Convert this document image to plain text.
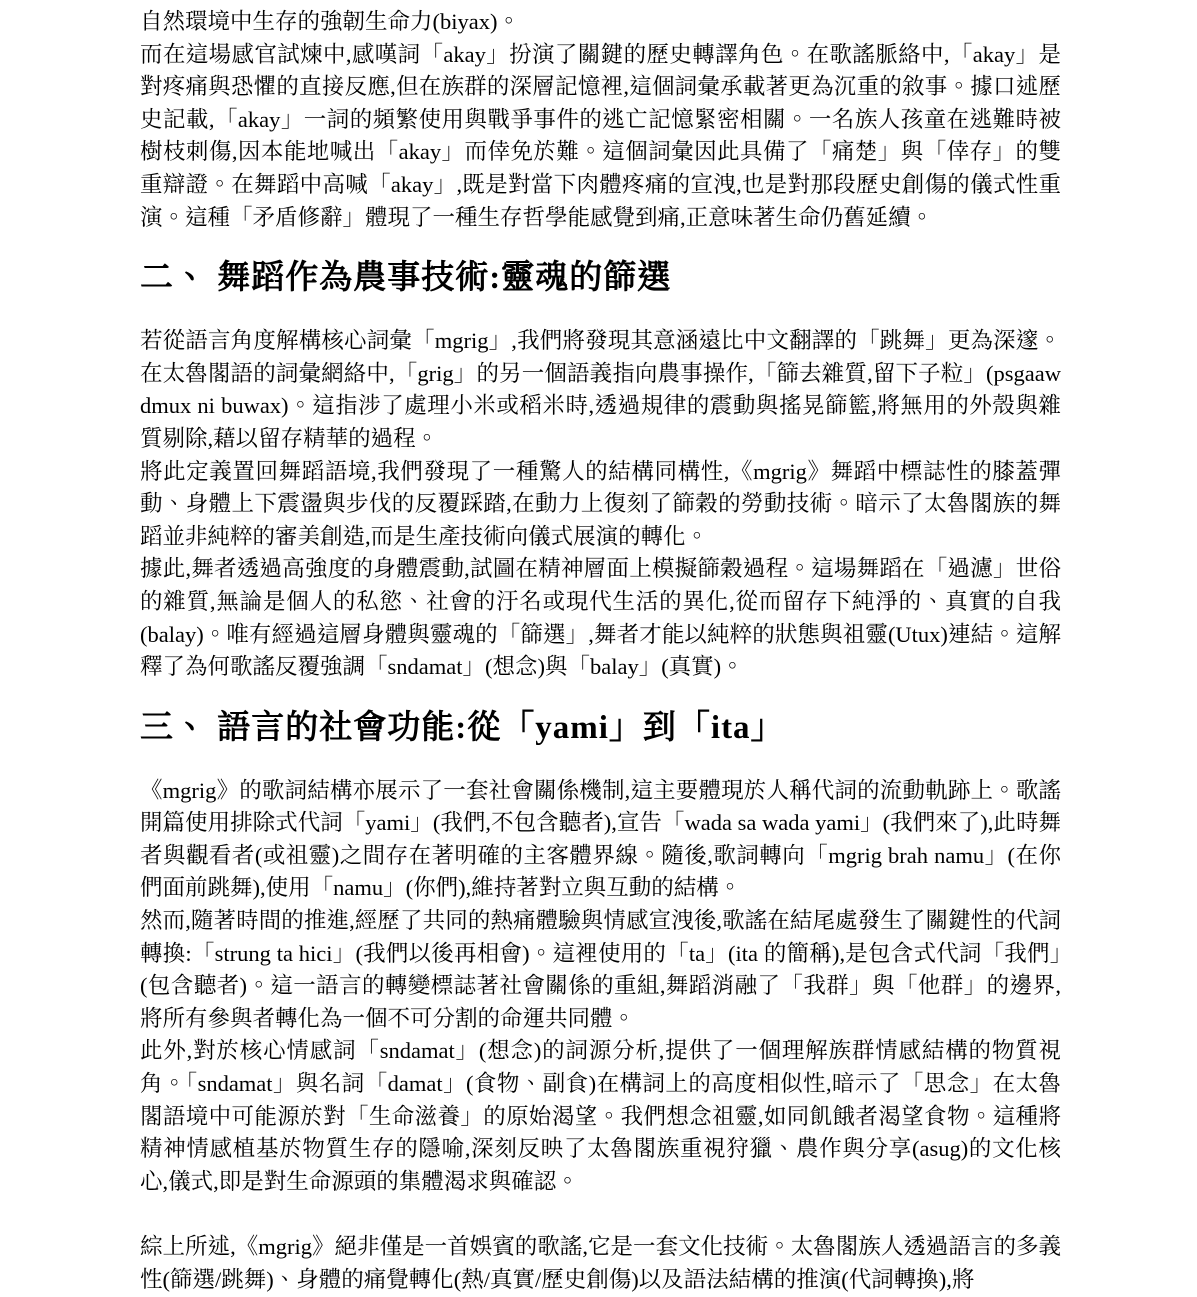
自然環境中生存的強韌生命力(biyax)。

而在這場感官試煉中,感嘆詞「akay」扮演了關鍵的歷史轉譯角色。在歌謠脈絡中,「akay」是對疼痛與恐懼的直接反應,但在族群的深層記憶裡,這個詞彙承載著更為沉重的敘事。據口述歷史記載,「akay」一詞的頻繁使用與戰爭事件的逃亡記憶緊密相關。一名族人孩童在逃難時被樹枝刺傷,因本能地喊出「akay」而倖免於難。這個詞彙因此具備了「痛楚」與「倖存」的雙重辯證。在舞蹈中高喊「akay」,既是對當下肉體疼痛的宣洩,也是對那段歷史創傷的儀式性重演。這種「矛盾修辭」體現了一種生存哲學能感覺到痛,正意味著生命仍舊延續。

二、 舞蹈作為農事技術:靈魂的篩選

若從語言角度解構核心詞彙「mgrig」,我們將發現其意涵遠比中文翻譯的「跳舞」更為深邃。在太魯閣語的詞彙網絡中,「grig」的另一個語義指向農事操作,「篩去雜質,留下子粒」(psgaaw dmux ni buwax)。這指涉了處理小米或稻米時,透過規律的震動與搖晃篩籃,將無用的外殼與雜質剔除,藉以留存精華的過程。

將此定義置回舞蹈語境,我們發現了一種驚人的結構同構性,《mgrig》舞蹈中標誌性的膝蓋彈動、身體上下震盪與步伐的反覆踩踏,在動力上復刻了篩穀的勞動技術。暗示了太魯閣族的舞蹈並非純粹的審美創造,而是生產技術向儀式展演的轉化。

據此,舞者透過高強度的身體震動,試圖在精神層面上模擬篩穀過程。這場舞蹈在「過濾」世俗的雜質,無論是個人的私慾、社會的汙名或現代生活的異化,從而留存下純淨的、真實的自我(balay)。唯有經過這層身體與靈魂的「篩選」,舞者才能以純粹的狀態與祖靈(Utux)連結。這解釋了為何歌謠反覆強調「sndamat」(想念)與「balay」(真實)。

三、 語言的社會功能:從「yami」到「ita」

《mgrig》的歌詞結構亦展示了一套社會關係機制,這主要體現於人稱代詞的流動軌跡上。歌謠開篇使用排除式代詞「yami」(我們,不包含聽者),宣告「wada sa wada yami」(我們來了),此時舞者與觀看者(或祖靈)之間存在著明確的主客體界線。隨後,歌詞轉向「mgrig brah namu」(在你們面前跳舞),使用「namu」(你們),維持著對立與互動的結構。

然而,隨著時間的推進,經歷了共同的熱痛體驗與情感宣洩後,歌謠在結尾處發生了關鍵性的代詞轉換:「strung ta hici」(我們以後再相會)。這裡使用的「ta」(ita 的簡稱),是包含式代詞「我們」(包含聽者)。這一語言的轉變標誌著社會關係的重組,舞蹈消融了「我群」與「他群」的邊界,將所有參與者轉化為一個不可分割的命運共同體。

此外,對於核心情感詞「sndamat」(想念)的詞源分析,提供了一個理解族群情感結構的物質視角。「sndamat」與名詞「damat」(食物、副食)在構詞上的高度相似性,暗示了「思念」在太魯閣語境中可能源於對「生命滋養」的原始渴望。我們想念祖靈,如同飢餓者渴望食物。這種將精神情感植基於物質生存的隱喻,深刻反映了太魯閣族重視狩獵、農作與分享(asug)的文化核心,儀式,即是對生命源頭的集體渴求與確認。

綜上所述,《mgrig》絕非僅是一首娛賓的歌謠,它是一套文化技術。太魯閣族人透過語言的多義性(篩選/跳舞)、身體的痛覺轉化(熱/真實/歷史創傷)以及語法結構的推演(代詞轉換),將
